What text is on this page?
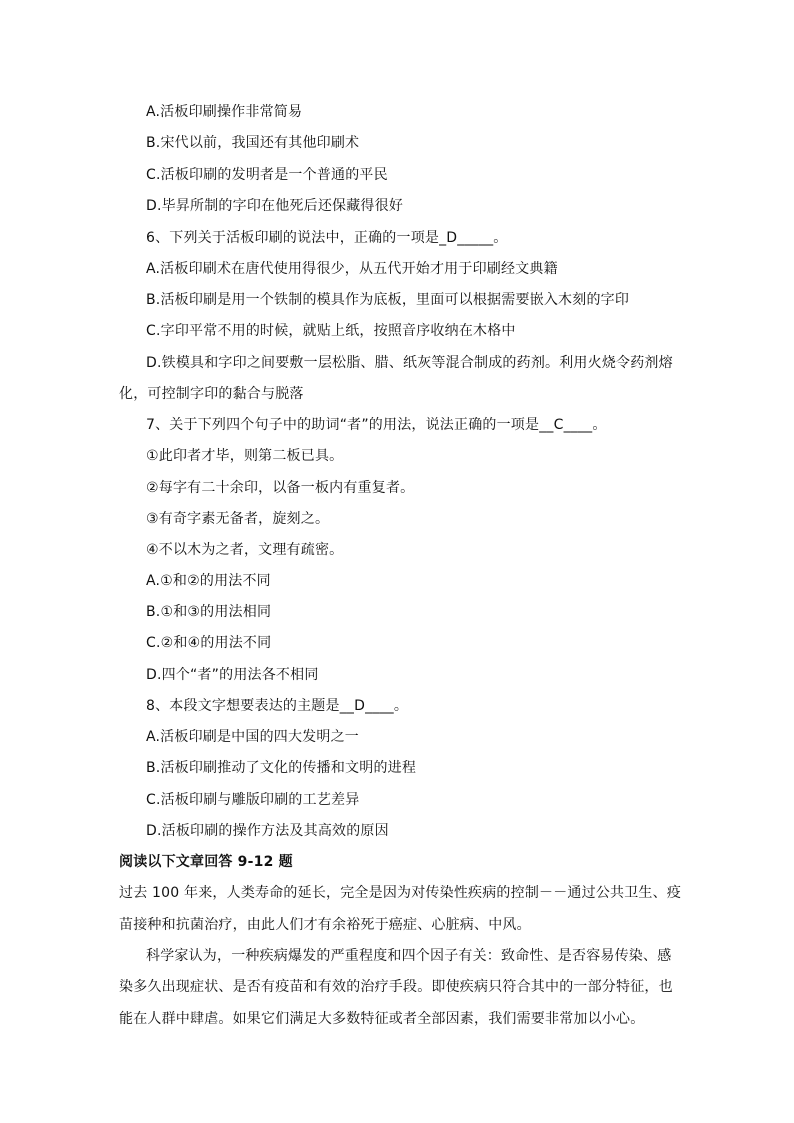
A.活板印刷操作非常简易
B.宋代以前，我国还有其他印刷术
C.活板印刷的发明者是一个普通的平民
D.毕昇所制的字印在他死后还保藏得很好
6、下列关于活板印刷的说法中，正确的一项是_D_____。
A.活板印刷术在唐代使用得很少，从五代开始才用于印刷经文典籍
B.活板印刷是用一个铁制的模具作为底板，里面可以根据需要嵌入木刻的字印
C.字印平常不用的时候，就贴上纸，按照音序收纳在木格中
D.铁模具和字印之间要敷一层松脂、腊、纸灰等混合制成的药剂。利用火烧令药剂熔
化，可控制字印的黏合与脱落
7、关于下列四个句子中的助词“者”的用法，说法正确的一项是__C____。
①此印者才毕，则第二板已具。
②每字有二十余印，以备一板内有重复者。
③有奇字素无备者，旋刻之。
④不以木为之者，文理有疏密。
A.①和②的用法不同
B.①和③的用法相同
C.②和④的用法不同
D.四个“者”的用法各不相同
8、本段文字想要表达的主题是__D____。
A.活板印刷是中国的四大发明之一
B.活板印刷推动了文化的传播和文明的进程
C.活板印刷与雕版印刷的工艺差异
D.活板印刷的操作方法及其高效的原因
阅读以下文章回答 9-12 题
过去 100 年来，人类寿命的延长，完全是因为对传染性疾病的控制－－通过公共卫生、疫
苗接种和抗菌治疗，由此人们才有余裕死于癌症、心脏病、中风。
科学家认为，一种疾病爆发的严重程度和四个因子有关：致命性、是否容易传染、感
染多久出现症状、是否有疫苗和有效的治疗手段。即使疾病只符合其中的一部分特征，也
能在人群中肆虐。如果它们满足大多数特征或者全部因素，我们需要非常加以小心。
